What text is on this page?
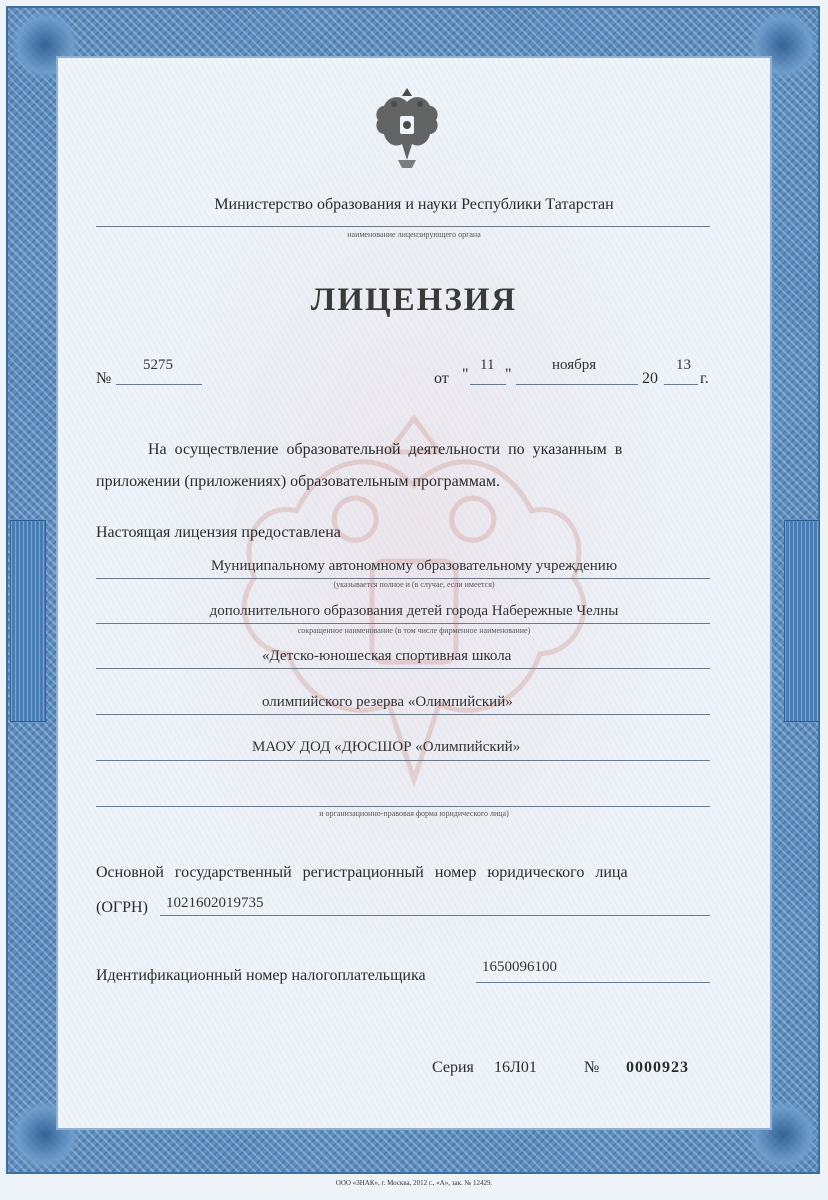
Министерство образования и науки Республики Татарстан
наименование лицензирующего органа
ЛИЦЕНЗИЯ
№
5275
от "
11
"
ноября
20
13
г.
На осуществление образовательной деятельности по указанным в
приложении (приложениях) образовательным программам.
Настоящая лицензия предоставлена
Муниципальному автономному образовательному учреждению
(указывается полное и (в случае, если имеется)
дополнительного образования детей города Набережные Челны
сокращенное наименование (в том числе фирменное наименование)
«Детско-юношеская спортивная школа
олимпийского резерва «Олимпийский»
МАОУ ДОД «ДЮСШОР «Олимпийский»
и организационно-правовая форма юридического лица)
Основной государственный регистрационный номер юридического лица
(ОГРН) 1021602019735
Идентификационный номер налогоплательщика	1650096100
Серия 16Л01	№ 0000923
ООО «ЗНАК», г. Москва, 2012 г., «А», зак. № 12429.
